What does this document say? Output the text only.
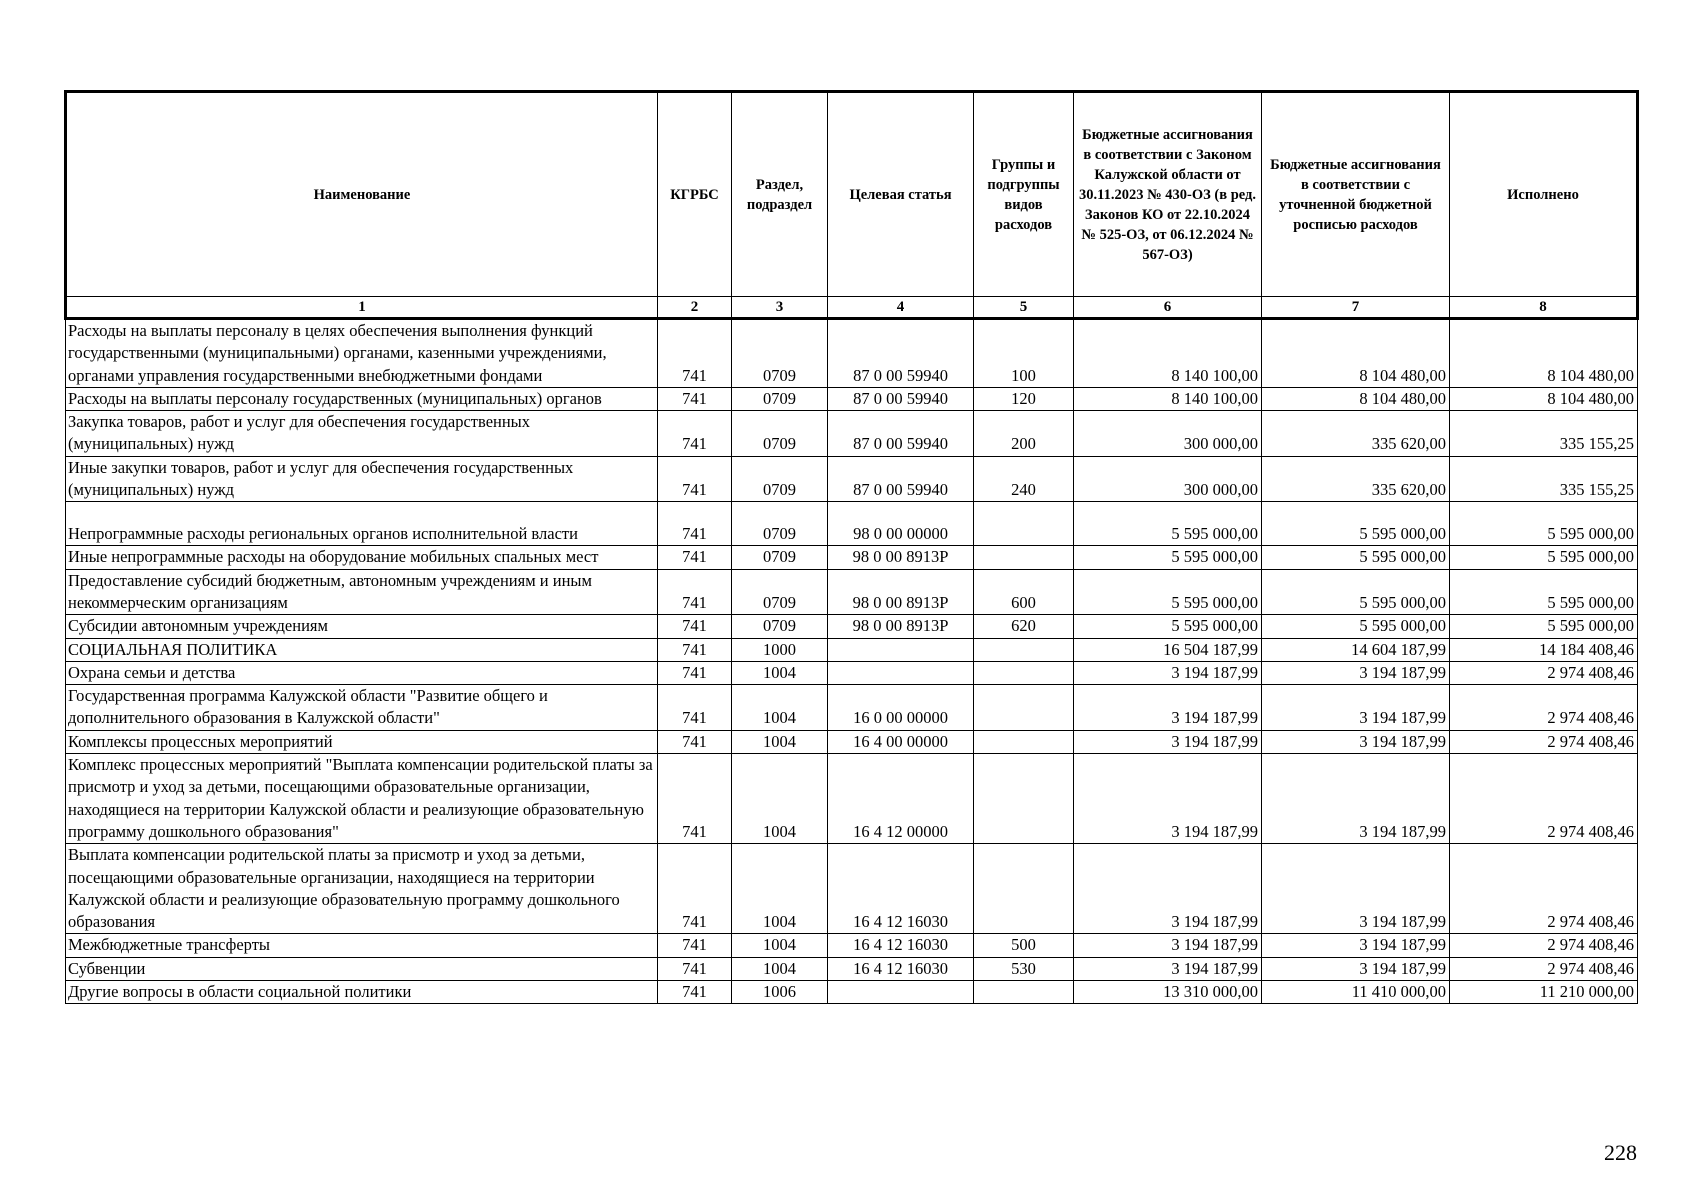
Наименование	КГРБС	Раздел, подраздел	Целевая статья	Группы и подгруппы видов расходов	Бюджетные ассигнования в соответствии с Законом Калужской области от 30.11.2023 № 430-ОЗ (в ред. Законов КО от 22.10.2024 № 525-ОЗ, от 06.12.2024 № 567-ОЗ)	Бюджетные ассигнования в соответствии с уточненной бюджетной росписью расходов	Исполнено
1	2	3	4	5	6	7	8
Расходы на выплаты персоналу в целях обеспечения выполнения функций государственными (муниципальными) органами, казенными учреждениями, органами управления государственными внебюджетными фондами	741	0709	87 0 00 59940	100	8 140 100,00	8 104 480,00	8 104 480,00
Расходы на выплаты персоналу государственных (муниципальных) органов	741	0709	87 0 00 59940	120	8 140 100,00	8 104 480,00	8 104 480,00
Закупка товаров, работ и услуг для обеспечения государственных (муниципальных) нужд	741	0709	87 0 00 59940	200	300 000,00	335 620,00	335 155,25
Иные закупки товаров, работ и услуг для обеспечения государственных (муниципальных) нужд	741	0709	87 0 00 59940	240	300 000,00	335 620,00	335 155,25
Непрограммные расходы региональных органов исполнительной власти	741	0709	98 0 00 00000		5 595 000,00	5 595 000,00	5 595 000,00
Иные непрограммные расходы на оборудование мобильных спальных мест	741	0709	98 0 00 8913Р		5 595 000,00	5 595 000,00	5 595 000,00
Предоставление субсидий бюджетным, автономным учреждениям и иным некоммерческим организациям	741	0709	98 0 00 8913Р	600	5 595 000,00	5 595 000,00	5 595 000,00
Субсидии автономным учреждениям	741	0709	98 0 00 8913Р	620	5 595 000,00	5 595 000,00	5 595 000,00
СОЦИАЛЬНАЯ ПОЛИТИКА	741	1000			16 504 187,99	14 604 187,99	14 184 408,46
Охрана семьи и детства	741	1004			3 194 187,99	3 194 187,99	2 974 408,46
Государственная программа Калужской области "Развитие общего и дополнительного образования в Калужской области"	741	1004	16 0 00 00000		3 194 187,99	3 194 187,99	2 974 408,46
Комплексы процессных мероприятий	741	1004	16 4 00 00000		3 194 187,99	3 194 187,99	2 974 408,46
Комплекс процессных мероприятий "Выплата компенсации родительской платы за присмотр и уход за детьми, посещающими образовательные организации, находящиеся на территории Калужской области и реализующие образовательную программу дошкольного образования"	741	1004	16 4 12 00000		3 194 187,99	3 194 187,99	2 974 408,46
Выплата компенсации родительской платы за присмотр и уход за детьми, посещающими образовательные организации, находящиеся на территории Калужской области и реализующие образовательную программу дошкольного образования	741	1004	16 4 12 16030		3 194 187,99	3 194 187,99	2 974 408,46
Межбюджетные трансферты	741	1004	16 4 12 16030	500	3 194 187,99	3 194 187,99	2 974 408,46
Субвенции	741	1004	16 4 12 16030	530	3 194 187,99	3 194 187,99	2 974 408,46
Другие вопросы в области социальной политики	741	1006			13 310 000,00	11 410 000,00	11 210 000,00
228
